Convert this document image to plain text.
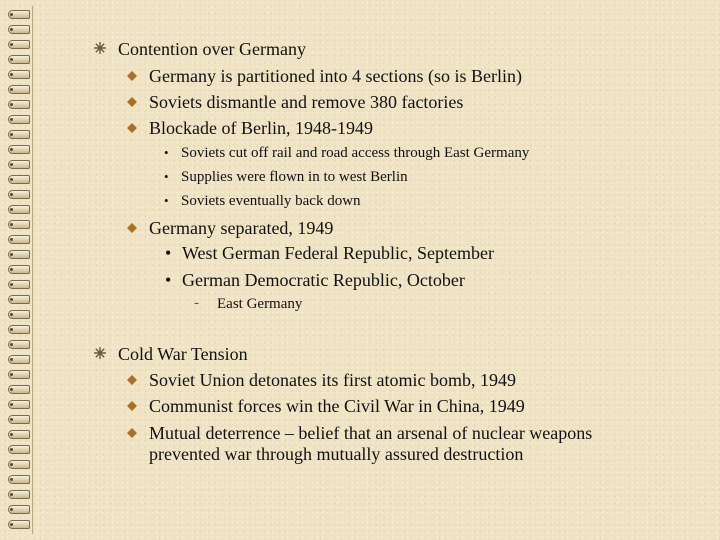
Contention over Germany
Germany is partitioned into 4 sections (so is Berlin)
Soviets dismantle and remove 380 factories
Blockade of Berlin, 1948-1949
• Soviets cut off rail and road access through East Germany
• Supplies were flown in to west Berlin
• Soviets eventually back down
Germany separated, 1949
• West German Federal Republic, September
• German Democratic Republic, October
- East Germany
Cold War Tension
Soviet Union detonates its first atomic bomb, 1949
Communist forces win the Civil War in China, 1949
Mutual deterrence – belief that an arsenal of nuclear weapons
prevented war through mutually assured destruction
